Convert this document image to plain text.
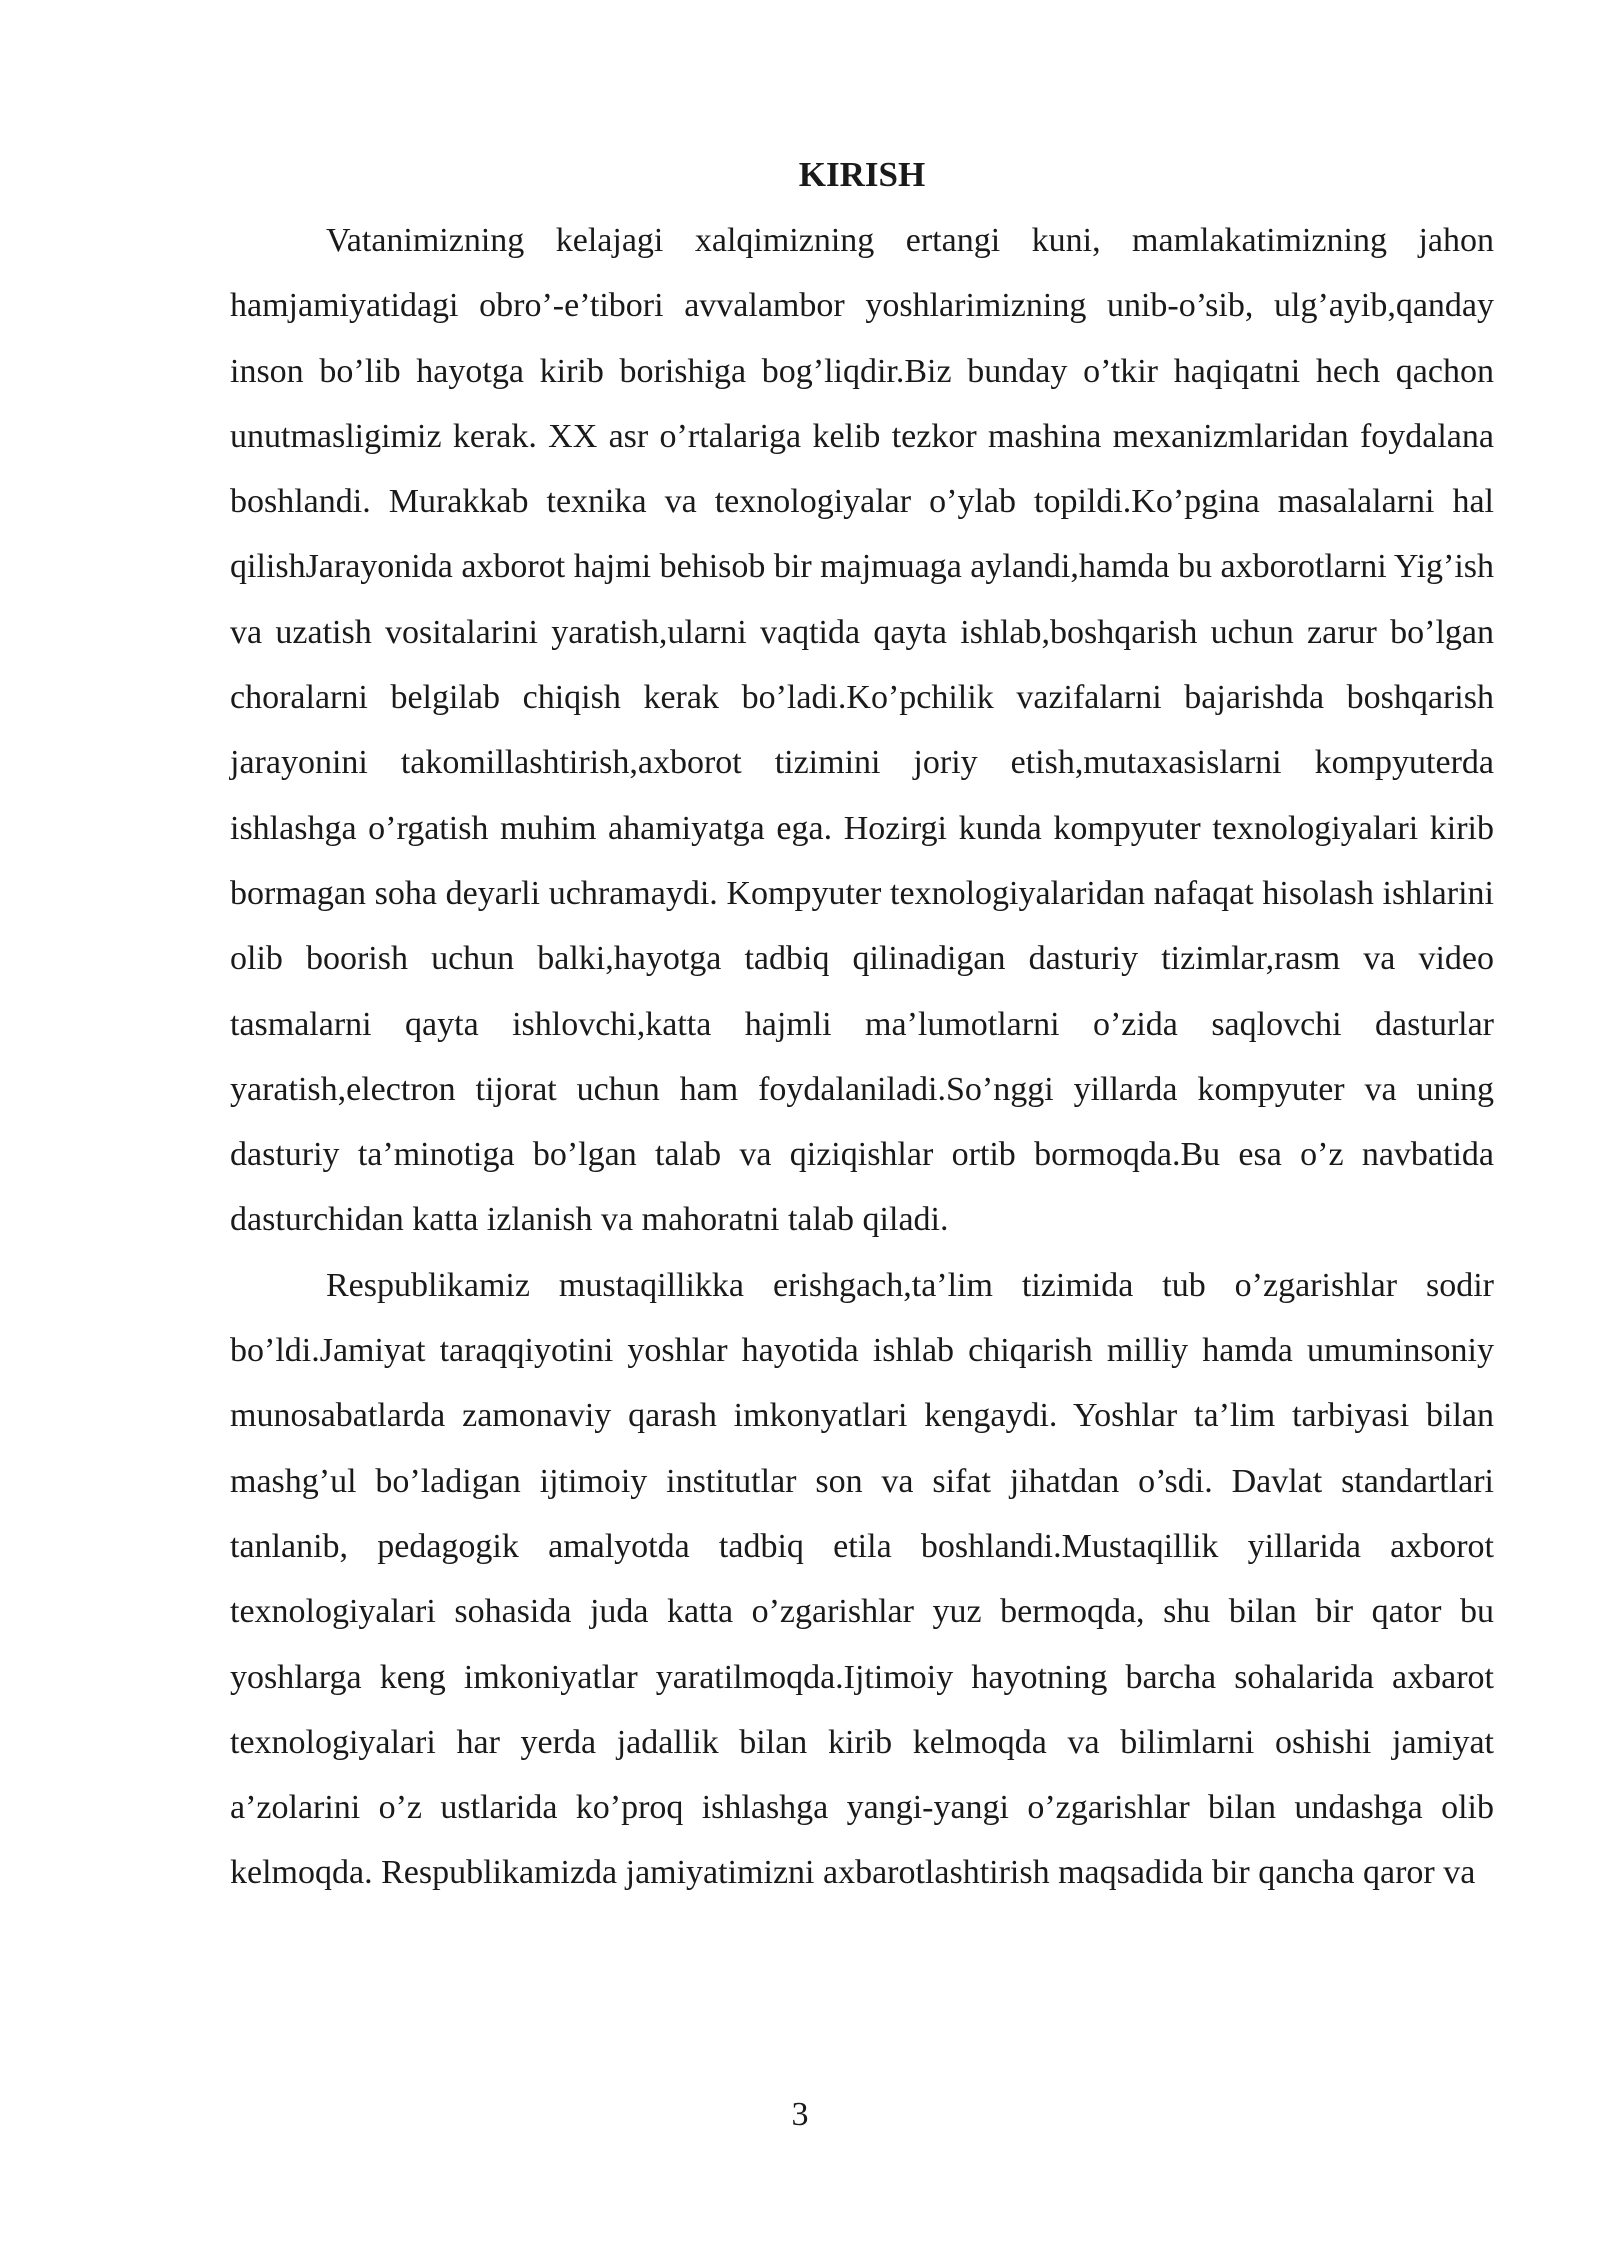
KIRISH

Vatanimizning kelajagi xalqimizning ertangi kuni, mamlakatimizning jahon hamjamiyatidagi obro’-e’tibori avvalambor yoshlarimizning unib-o’sib, ulg’ayib,qanday inson bo’lib hayotga kirib borishiga bog’liqdir.Biz bunday o’tkir haqiqatni hech qachon unutmasligimiz kerak. XX asr o’rtalariga kelib tezkor mashina mexanizmlaridan foydalana boshlandi. Murakkab texnika va texnologiyalar o’ylab topildi.Ko’pgina masalalarni hal qilishJarayonida axborot hajmi behisob bir majmuaga aylandi,hamda bu axborotlarni Yig’ish va uzatish vositalarini yaratish,ularni vaqtida qayta ishlab,boshqarish uchun zarur bo’lgan choralarni belgilab chiqish kerak bo’ladi.Ko’pchilik vazifalarni bajarishda boshqarish jarayonini takomillashtirish,axborot tizimini joriy etish,mutaxasislarni kompyuterda ishlashga o’rgatish muhim ahamiyatga ega. Hozirgi kunda kompyuter texnologiyalari kirib bormagan soha deyarli uchramaydi. Kompyuter texnologiyalaridan nafaqat hisolash ishlarini olib boorish uchun balki,hayotga tadbiq qilinadigan dasturiy tizimlar,rasm va video tasmalarni qayta ishlovchi,katta hajmli ma’lumotlarni o’zida saqlovchi dasturlar yaratish,electron tijorat uchun ham foydalaniladi.So’nggi yillarda kompyuter va uning dasturiy ta’minotiga bo’lgan talab va qiziqishlar ortib bormoqda.Bu esa o’z navbatida dasturchidan katta izlanish va mahoratni talab qiladi.

Respublikamiz mustaqillikka erishgach,ta’lim tizimida tub o’zgarishlar sodir bo’ldi.Jamiyat taraqqiyotini yoshlar hayotida ishlab chiqarish milliy hamda umuminsoniy munosabatlarda zamonaviy qarash imkonyatlari kengaydi. Yoshlar ta’lim tarbiyasi bilan mashg’ul bo’ladigan ijtimoiy institutlar son va sifat jihatdan o’sdi. Davlat standartlari tanlanib, pedagogik amalyotda tadbiq etila boshlandi.Mustaqillik yillarida axborot texnologiyalari sohasida juda katta o’zgarishlar yuz bermoqda, shu bilan bir qator bu yoshlarga keng imkoniyatlar yaratilmoqda.Ijtimoiy hayotning barcha sohalarida axbarot texnologiyalari har yerda jadallik bilan kirib kelmoqda va bilimlarni oshishi jamiyat a’zolarini o’z ustlarida ko’proq ishlashga yangi-yangi o’zgarishlar bilan undashga olib kelmoqda. Respublikamizda jamiyatimizni axbarotlashtirish maqsadida bir qancha qaror va

3
